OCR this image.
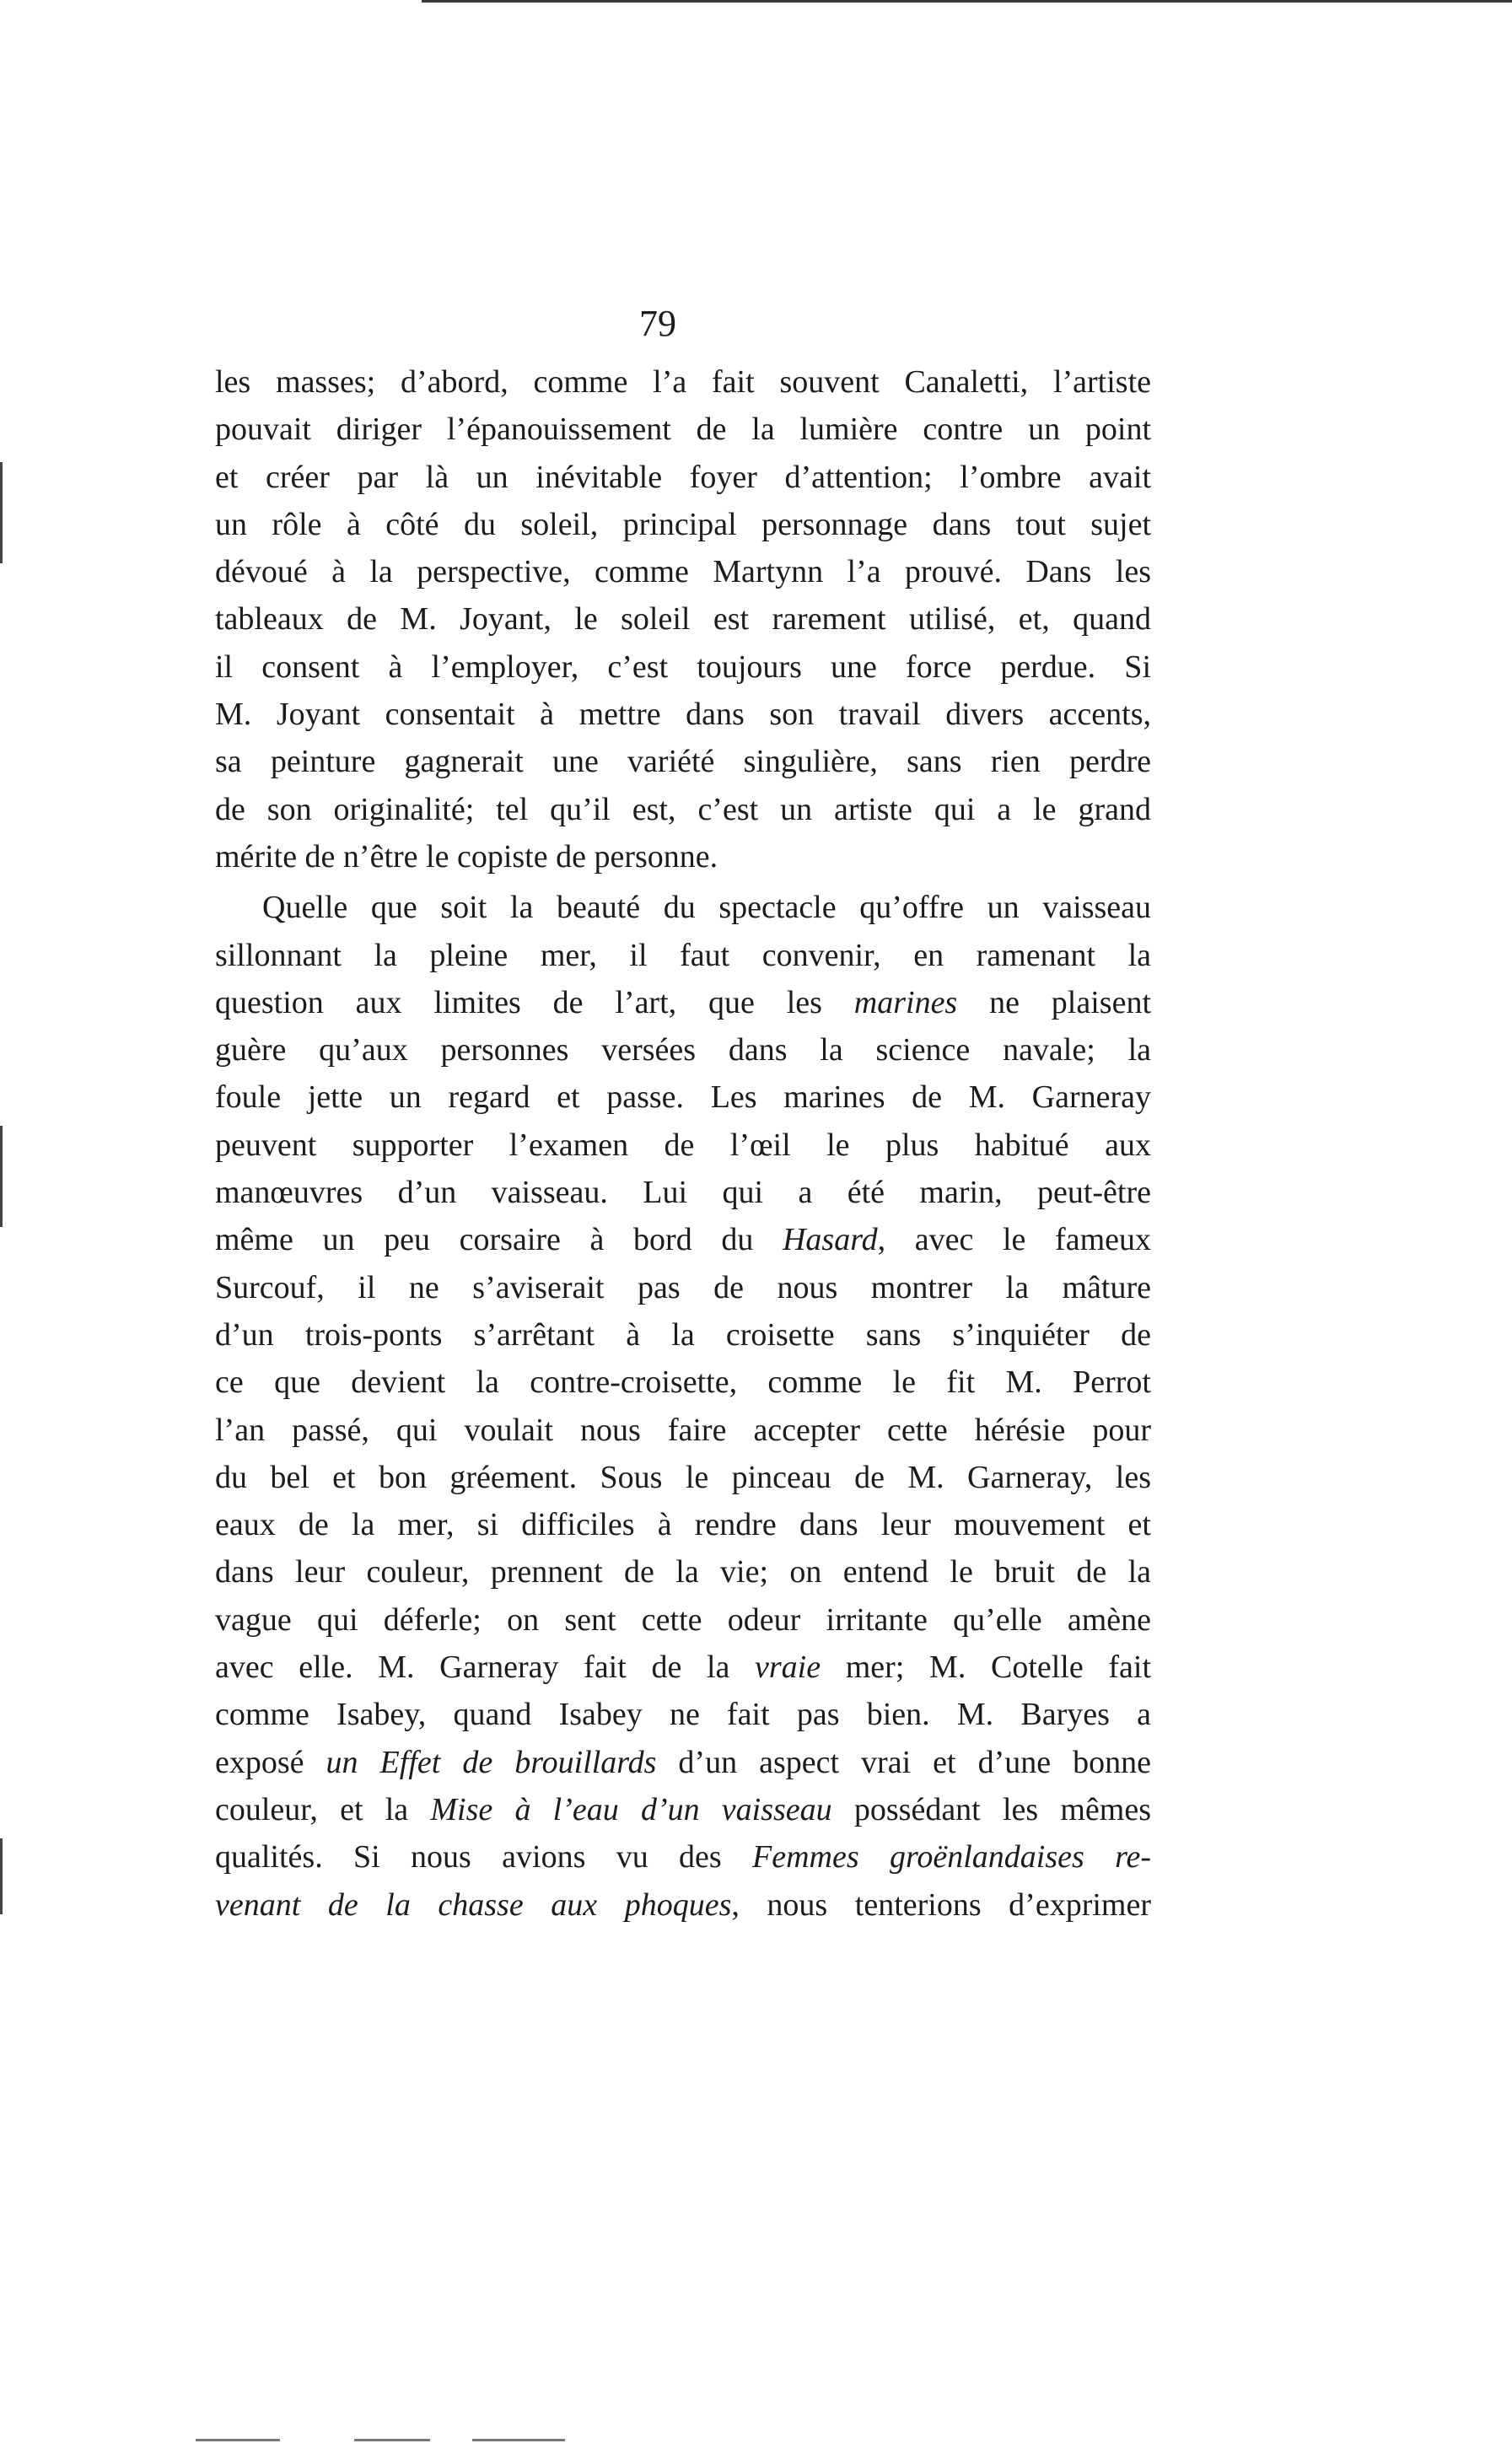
79
les masses; d’abord, comme l’a fait souvent Canaletti, l’artiste
pouvait diriger l’épanouissement de la lumière contre un point
et créer par là un inévitable foyer d’attention; l’ombre avait
un rôle à côté du soleil, principal personnage dans tout sujet
dévoué à la perspective, comme Martynn l’a prouvé. Dans les
tableaux de M. Joyant, le soleil est rarement utilisé, et, quand
il consent à l’employer, c’est toujours une force perdue. Si
M. Joyant consentait à mettre dans son travail divers accents,
sa peinture gagnerait une variété singulière, sans rien perdre
de son originalité; tel qu’il est, c’est un artiste qui a le grand
mérite de n’être le copiste de personne.
Quelle que soit la beauté du spectacle qu’offre un vaisseau
sillonnant la pleine mer, il faut convenir, en ramenant la
question aux limites de l’art, que les marines ne plaisent
guère qu’aux personnes versées dans la science navale; la
foule jette un regard et passe. Les marines de M. Garneray
peuvent supporter l’examen de l’œil le plus habitué aux
manœuvres d’un vaisseau. Lui qui a été marin, peut-être
même un peu corsaire à bord du Hasard, avec le fameux
Surcouf, il ne s’aviserait pas de nous montrer la mâture
d’un trois-ponts s’arrêtant à la croisette sans s’inquiéter de
ce que devient la contre-croisette, comme le fit M. Perrot
l’an passé, qui voulait nous faire accepter cette hérésie pour
du bel et bon gréement. Sous le pinceau de M. Garneray, les
eaux de la mer, si difficiles à rendre dans leur mouvement et
dans leur couleur, prennent de la vie; on entend le bruit de la
vague qui déferle; on sent cette odeur irritante qu’elle amène
avec elle. M. Garneray fait de la vraie mer; M. Cotelle fait
comme Isabey, quand Isabey ne fait pas bien. M. Baryes a
exposé un Effet de brouillards d’un aspect vrai et d’une bonne
couleur, et la Mise à l’eau d’un vaisseau possédant les mêmes
qualités. Si nous avions vu des Femmes groënlandaises re-
venant de la chasse aux phoques, nous tenterions d’exprimer
